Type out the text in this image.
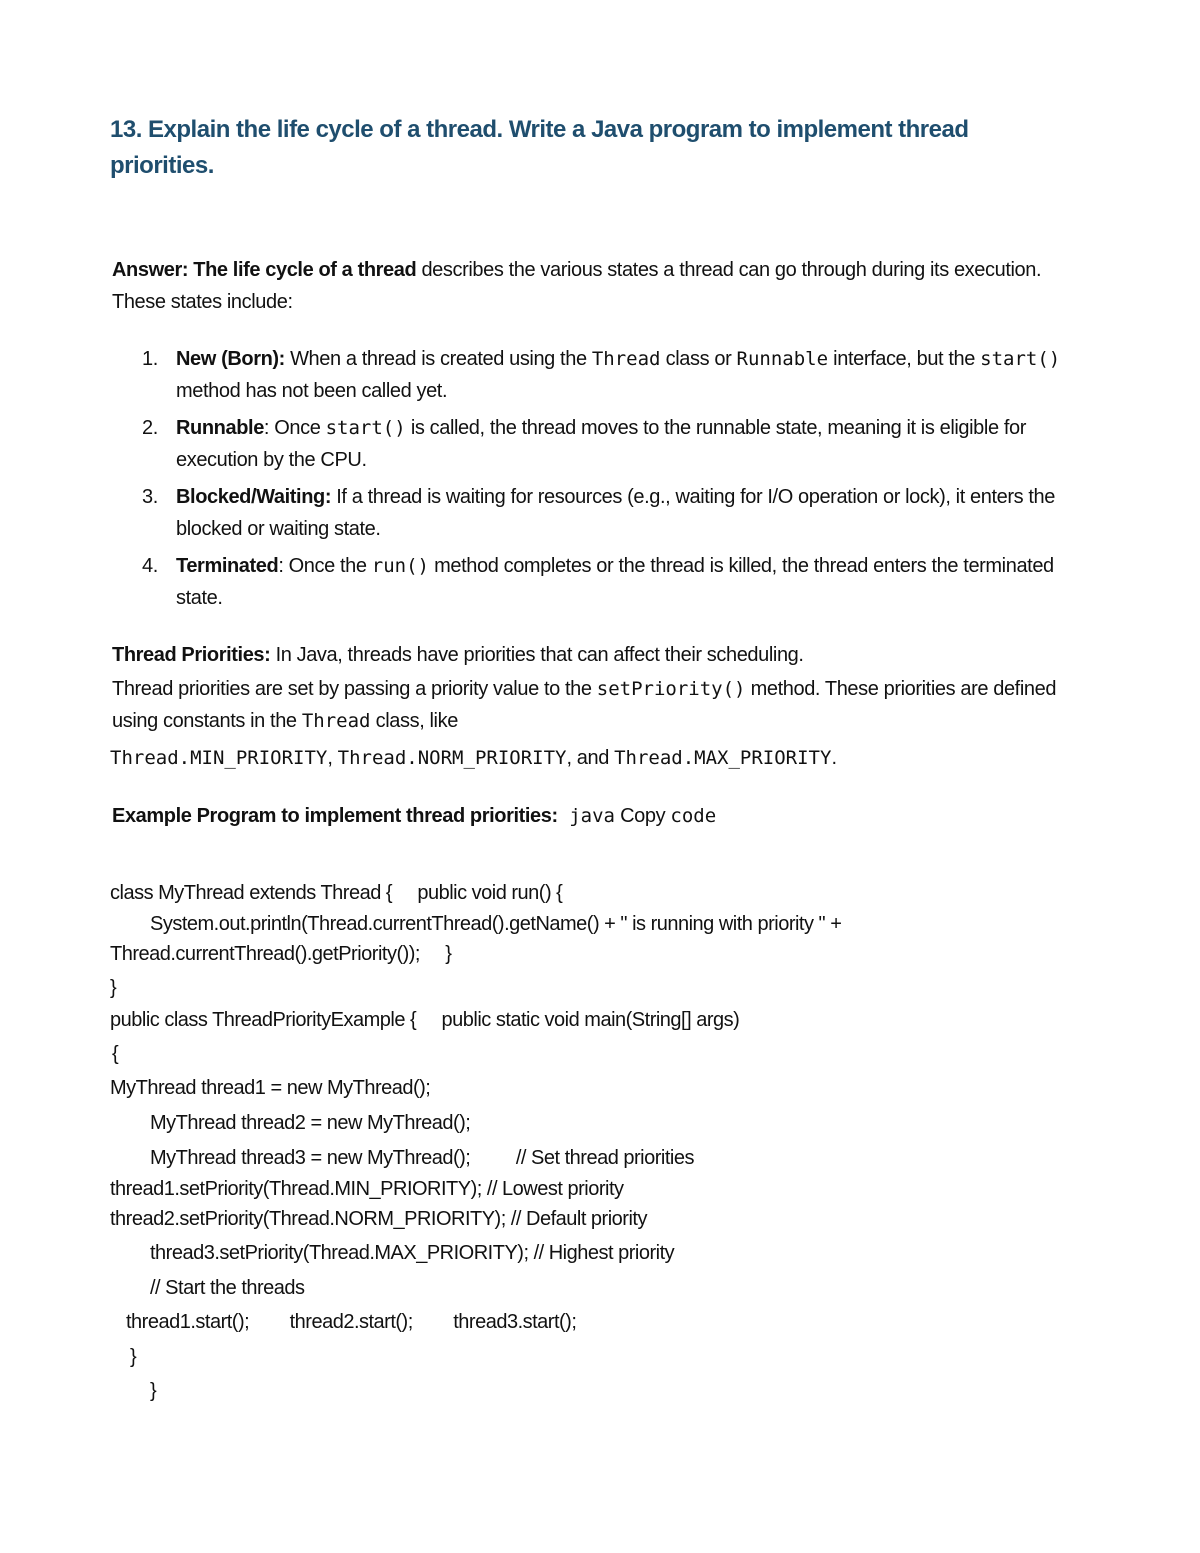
13. Explain the life cycle of a thread. Write a Java program to implement thread priorities.
Answer: The life cycle of a thread describes the various states a thread can go through during its execution. These states include:
1. New (Born): When a thread is created using the Thread class or Runnable interface, but the start() method has not been called yet.
2. Runnable: Once start() is called, the thread moves to the runnable state, meaning it is eligible for execution by the CPU.
3. Blocked/Waiting: If a thread is waiting for resources (e.g., waiting for I/O operation or lock), it enters the blocked or waiting state.
4. Terminated: Once the run() method completes or the thread is killed, the thread enters the terminated state.
Thread Priorities: In Java, threads have priorities that can affect their scheduling.
Thread priorities are set by passing a priority value to the setPriority() method. These priorities are defined using constants in the Thread class, like
Thread.MIN_PRIORITY, Thread.NORM_PRIORITY, and Thread.MAX_PRIORITY.
Example Program to implement thread priorities: java Copy code
class MyThread extends Thread {     public void run() {
System.out.println(Thread.currentThread().getName() + " is running with priority " +
Thread.currentThread().getPriority());     }
}
public class ThreadPriorityExample {     public static void main(String[] args)
{
MyThread thread1 = new MyThread();
MyThread thread2 = new MyThread();
MyThread thread3 = new MyThread();         // Set thread priorities
thread1.setPriority(Thread.MIN_PRIORITY); // Lowest priority
thread2.setPriority(Thread.NORM_PRIORITY); // Default priority
thread3.setPriority(Thread.MAX_PRIORITY); // Highest priority
// Start the threads
thread1.start();        thread2.start();        thread3.start();
}
}
